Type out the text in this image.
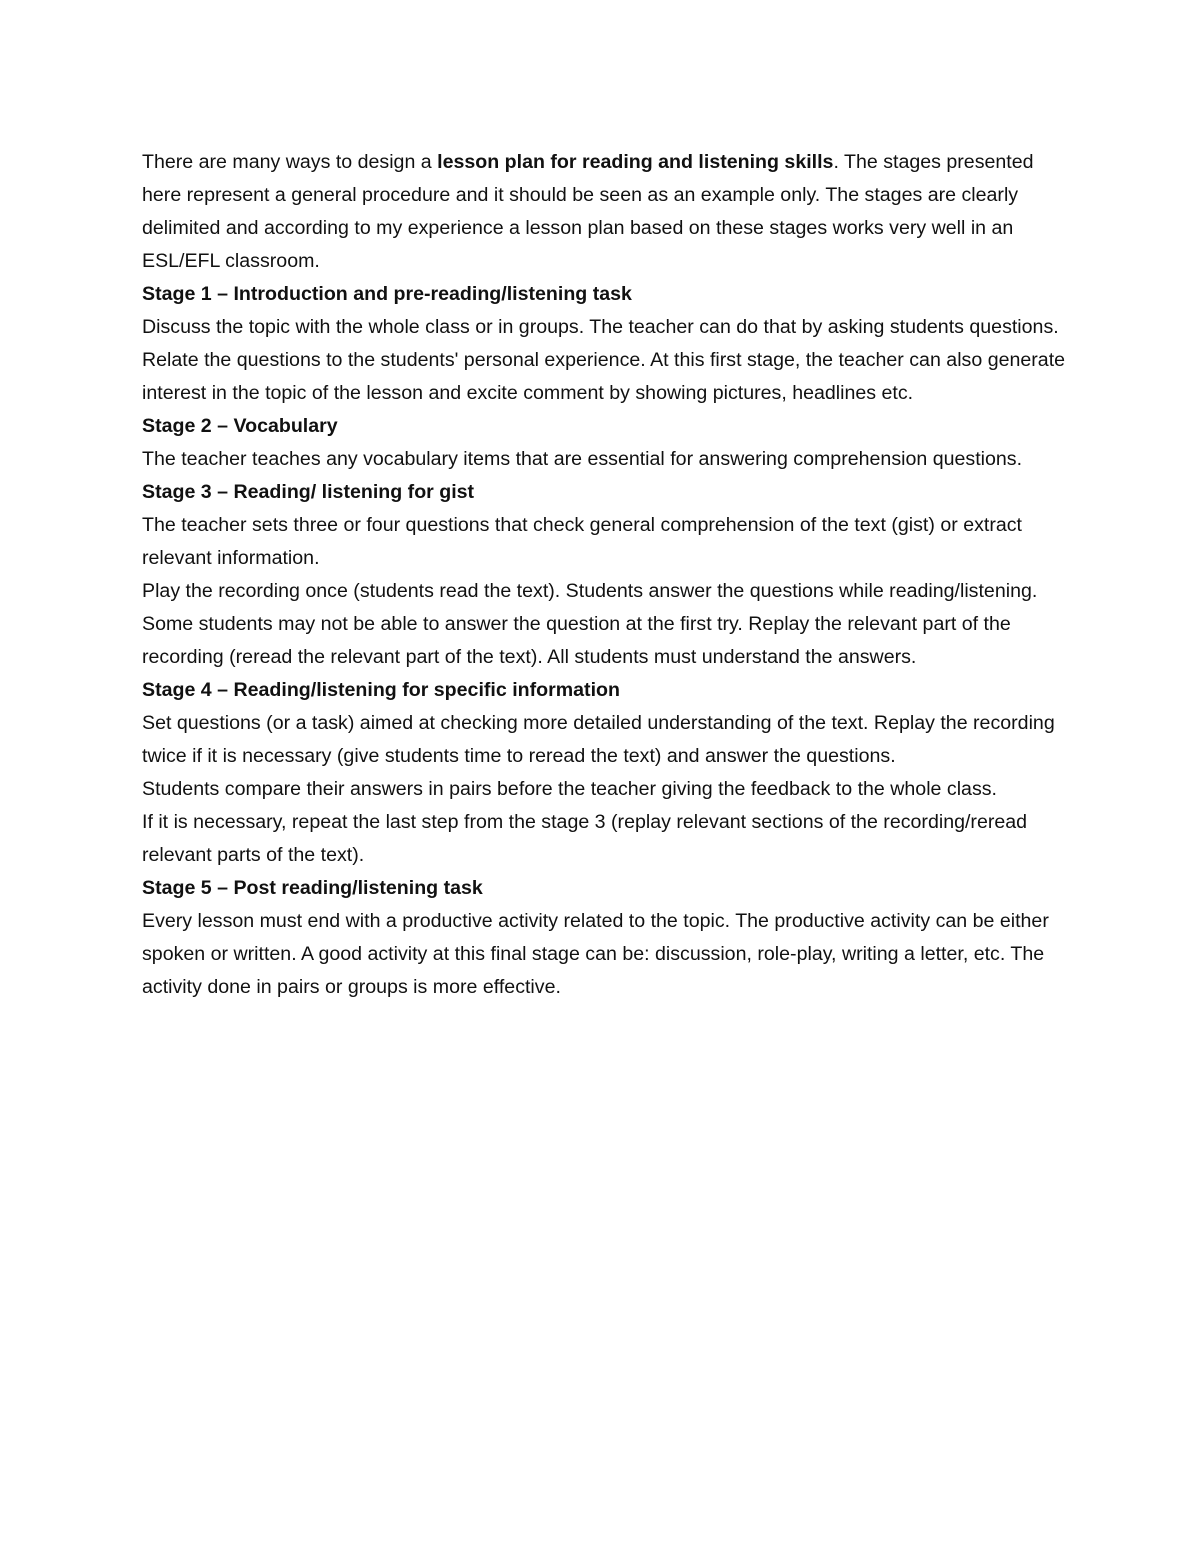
There are many ways to design a lesson plan for reading and listening skills. The stages presented here represent a general procedure and it should be seen as an example only. The stages are clearly delimited and according to my experience a lesson plan based on these stages works very well in an ESL/EFL classroom.

Stage 1 – Introduction and pre-reading/listening task

Discuss the topic with the whole class or in groups. The teacher can do that by asking students questions. Relate the questions to the students' personal experience. At this first stage, the teacher can also generate interest in the topic of the lesson and excite comment by showing pictures, headlines etc.

Stage 2 – Vocabulary

The teacher teaches any vocabulary items that are essential for answering comprehension questions.

Stage 3 – Reading/ listening for gist

The teacher sets three or four questions that check general comprehension of the text (gist) or extract relevant information.

Play the recording once (students read the text). Students answer the questions while reading/listening.

Some students may not be able to answer the question at the first try. Replay the relevant part of the recording (reread the relevant part of the text). All students must understand the answers.

Stage 4 – Reading/listening for specific information

Set questions (or a task) aimed at checking more detailed understanding of the text. Replay the recording twice if it is necessary (give students time to reread the text) and answer the questions.

Students compare their answers in pairs before the teacher giving the feedback to the whole class.

If it is necessary, repeat the last step from the stage 3 (replay relevant sections of the recording/reread relevant parts of the text).

Stage 5 – Post reading/listening task

Every lesson must end with a productive activity related to the topic. The productive activity can be either spoken or written. A good activity at this final stage can be: discussion, role-play, writing a letter, etc. The activity done in pairs or groups is more effective.
